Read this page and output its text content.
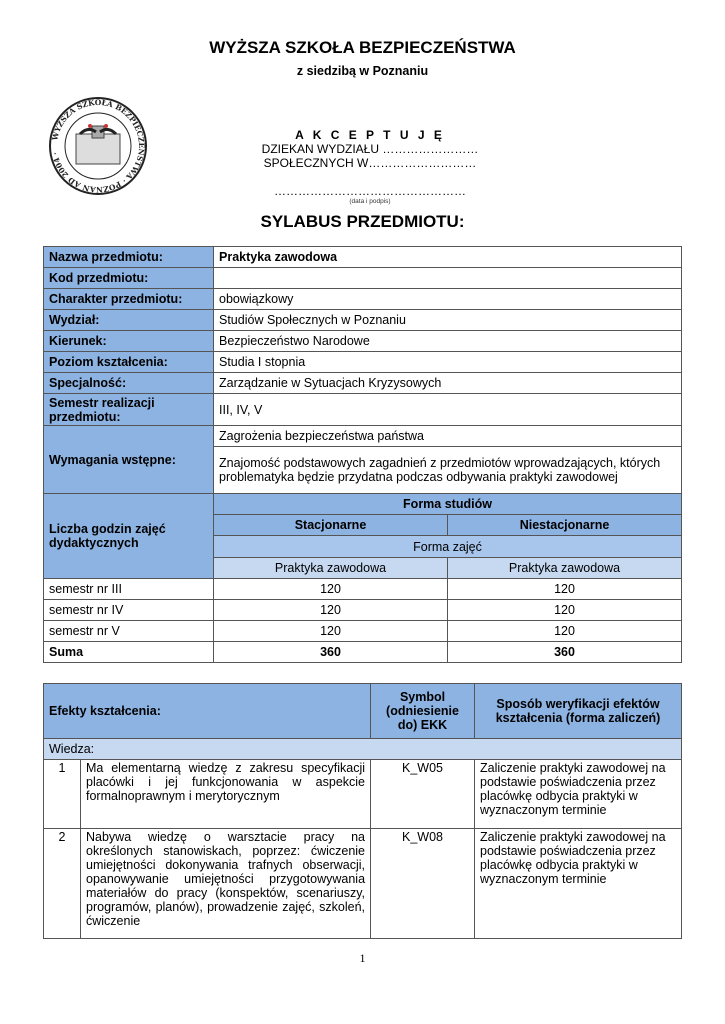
WYŻSZA SZKOŁA BEZPIECZEŃSTWA
z siedzibą w Poznaniu
WYŻSZA SZKOŁA BEZPIECZEŃSTWA · POZNAŃ AD 2004 ·
A K C E P T U J Ę
DZIEKAN WYDZIAŁU ……………………
SPOŁECZNYCH W………………………
…………………………………………
(data i podpis)
SYLABUS PRZEDMIOTU:
Nazwa przedmiotu:	Praktyka zawodowa	
Kod przedmiotu:		
Charakter przedmiotu:	obowiązkowy	
Wydział:	Studiów Społecznych w Poznaniu	
Kierunek:	Bezpieczeństwo Narodowe	
Poziom kształcenia:	Studia I stopnia	
Specjalność:	Zarządzanie w Sytuacjach Kryzysowych	
Semestr realizacji przedmiotu:	III, IV, V	
Wymagania wstępne:	Zagrożenia bezpieczeństwa państwa	
	Znajomość podstawowych zagadnień z przedmiotów wprowadzających, których problematyka będzie przydatna podczas odbywania praktyki zawodowej	
Liczba godzin zajęć dydaktycznych	Forma studiów	
	Stacjonarne	Niestacjonarne
	Forma zajęć	
	Praktyka zawodowa	Praktyka zawodowa
semestr nr III	120	120
semestr nr IV	120	120
semestr nr V	120	120
Suma	360	360
Efekty kształcenia:		Symbol (odniesienie do) EKK	Sposób weryfikacji efektów kształcenia (forma zaliczeń)
Wiedza:			
1	Ma elementarną wiedzę z zakresu specyfikacji placówki i jej funkcjonowania w aspekcie formalnoprawnym i merytorycznym	K_W05	Zaliczenie praktyki zawodowej na podstawie poświadczenia przez placówkę odbycia praktyki w wyznaczonym terminie
2	Nabywa wiedzę o warsztacie pracy na określonych stanowiskach, poprzez: ćwiczenie umiejętności dokonywania trafnych obserwacji, opanowywanie umiejętności przygotowywania materiałów do pracy (konspektów, scenariuszy, programów, planów), prowadzenie zajęć, szkoleń, ćwiczenie	K_W08	Zaliczenie praktyki zawodowej na podstawie poświadczenia przez placówkę odbycia praktyki w wyznaczonym terminie
1
